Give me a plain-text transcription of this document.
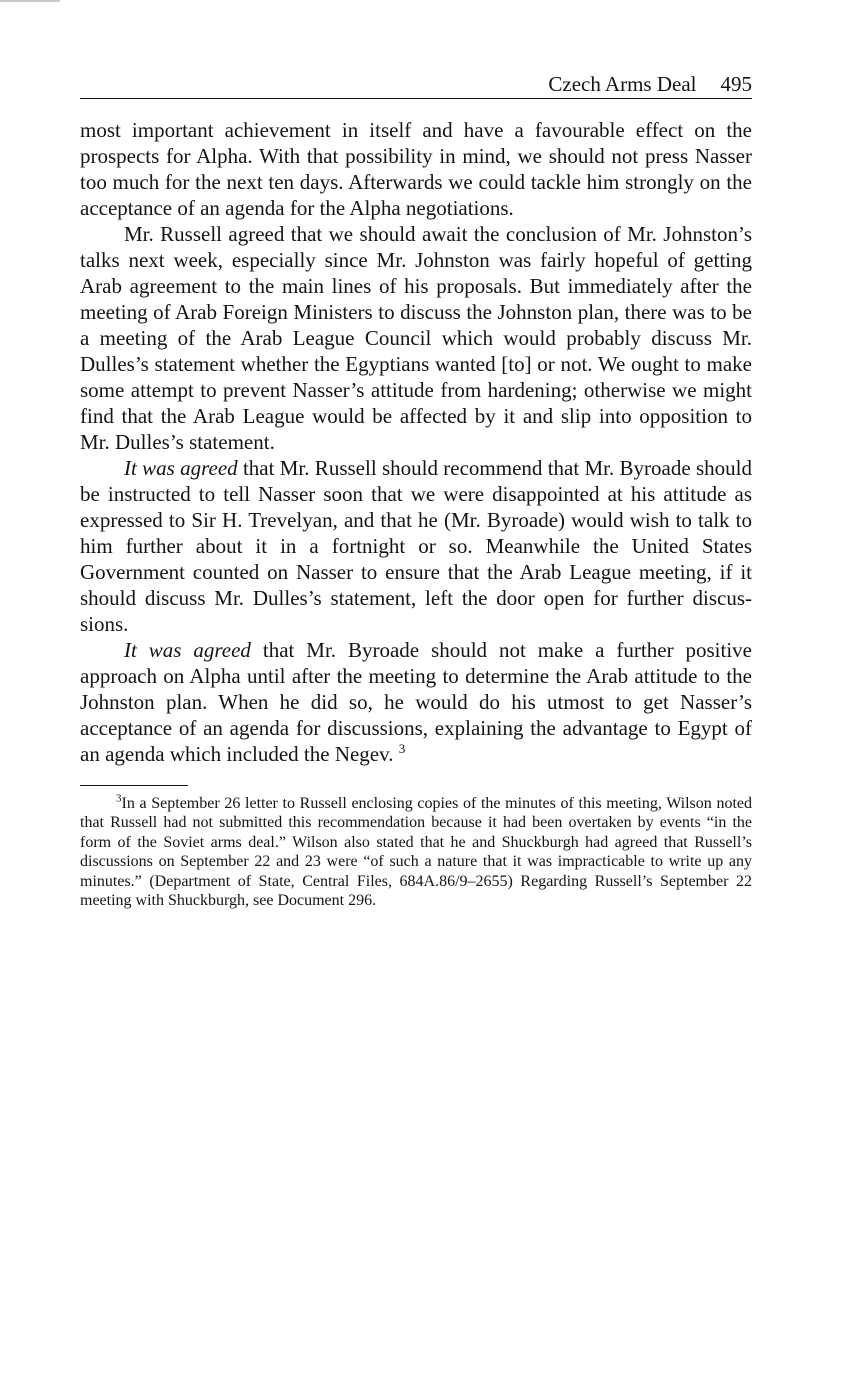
Czech Arms Deal 495

most important achievement in itself and have a favourable effect on the prospects for Alpha. With that possibility in mind, we should not press Nasser too much for the next ten days. Afterwards we could tackle him strongly on the acceptance of an agenda for the Alpha negotiations.

Mr. Russell agreed that we should await the conclusion of Mr. Johnston’s talks next week, especially since Mr. Johnston was fairly hopeful of getting Arab agreement to the main lines of his proposals. But immediately after the meeting of Arab Foreign Ministers to discuss the Johnston plan, there was to be a meeting of the Arab League Council which would probably discuss Mr. Dulles’s statement whether the Egyptians wanted [to] or not. We ought to make some attempt to prevent Nasser’s attitude from hardening; otherwise we might find that the Arab League would be affected by it and slip into opposition to Mr. Dulles’s statement.

It was agreed that Mr. Russell should recommend that Mr. Byroade should be instructed to tell Nasser soon that we were disappointed at his attitude as expressed to Sir H. Trevelyan, and that he (Mr. Byroade) would wish to talk to him further about it in a fortnight or so. Meanwhile the United States Government counted on Nasser to ensure that the Arab League meeting, if it should discuss Mr. Dulles’s statement, left the door open for further discussions.

It was agreed that Mr. Byroade should not make a further positive approach on Alpha until after the meeting to determine the Arab attitude to the Johnston plan. When he did so, he would do his utmost to get Nasser’s acceptance of an agenda for discussions, explaining the advantage to Egypt of an agenda which included the Negev. $^3$

$^3$In a September 26 letter to Russell enclosing copies of the minutes of this meeting, Wilson noted that Russell had not submitted this recommendation because it had been overtaken by events “in the form of the Soviet arms deal.” Wilson also stated that he and Shuckburgh had agreed that Russell’s discussions on September 22 and 23 were “of such a nature that it was impracticable to write up any minutes.” (Department of State, Central Files, 684A.86/9–2655) Regarding Russell’s September 22 meeting with Shuckburgh, see Document 296.
